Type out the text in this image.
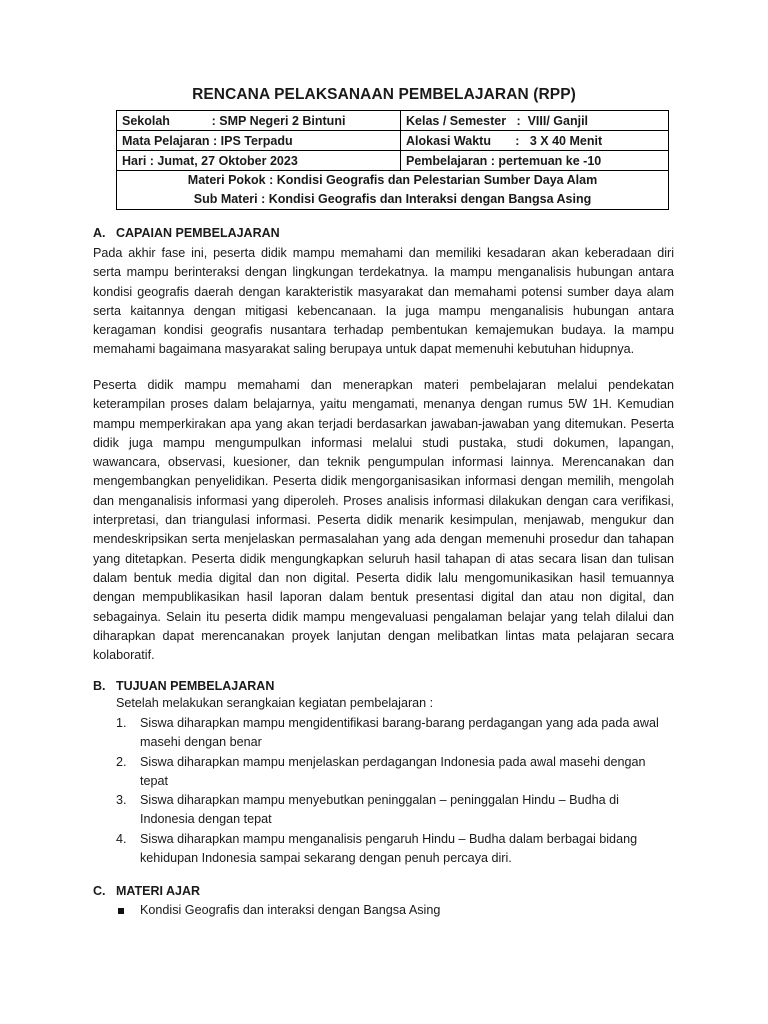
RENCANA PELAKSANAAN PEMBELAJARAN (RPP)
Sekolah            : SMP Negeri 2 Bintuni	Kelas / Semester   :  VIII/ Ganjil
Mata Pelajaran : IPS Terpadu	Alokasi Waktu       :   3 X 40 Menit
Hari : Jumat, 27 Oktober 2023	Pembelajaran : pertemuan ke -10

Materi Pokok : Kondisi Geografis dan Pelestarian Sumber Daya Alam
Sub Materi : Kondisi Geografis dan Interaksi dengan Bangsa Asing	
A. CAPAIAN PEMBELAJARAN
Pada akhir fase ini, peserta didik mampu memahami dan memiliki kesadaran akan keberadaan diri serta mampu berinteraksi dengan lingkungan terdekatnya. Ia mampu menganalisis hubungan antara kondisi geografis daerah dengan karakteristik masyarakat dan memahami potensi sumber daya alam serta kaitannya dengan mitigasi kebencanaan. Ia juga mampu menganalisis hubungan antara keragaman kondisi geografis nusantara terhadap pembentukan kemajemukan budaya. Ia mampu memahami bagaimana masyarakat saling berupaya untuk dapat memenuhi kebutuhan hidupnya.
Peserta didik mampu memahami dan menerapkan materi pembelajaran melalui pendekatan keterampilan proses dalam belajarnya, yaitu mengamati, menanya dengan rumus 5W 1H. Kemudian mampu memperkirakan apa yang akan terjadi berdasarkan jawaban-jawaban yang ditemukan. Peserta didik juga mampu mengumpulkan informasi melalui studi pustaka, studi dokumen, lapangan, wawancara, observasi, kuesioner, dan teknik pengumpulan informasi lainnya. Merencanakan dan mengembangkan penyelidikan. Peserta didik mengorganisasikan informasi dengan memilih, mengolah dan menganalisis informasi yang diperoleh. Proses analisis informasi dilakukan dengan cara verifikasi, interpretasi, dan triangulasi informasi. Peserta didik menarik kesimpulan, menjawab, mengukur dan mendeskripsikan serta menjelaskan permasalahan yang ada dengan memenuhi prosedur dan tahapan yang ditetapkan. Peserta didik mengungkapkan seluruh hasil tahapan di atas secara lisan dan tulisan dalam bentuk media digital dan non digital. Peserta didik lalu mengomunikasikan hasil temuannya dengan mempublikasikan hasil laporan dalam bentuk presentasi digital dan atau non digital, dan sebagainya. Selain itu peserta didik mampu mengevaluasi pengalaman belajar yang telah dilalui dan diharapkan dapat merencanakan proyek lanjutan dengan melibatkan lintas mata pelajaran secara kolaboratif.
B. TUJUAN PEMBELAJARAN
Setelah melakukan serangkaian kegiatan pembelajaran :
1. Siswa diharapkan mampu mengidentifikasi barang-barang perdagangan yang ada pada awal masehi dengan benar
2. Siswa diharapkan mampu menjelaskan perdagangan Indonesia pada awal masehi dengan tepat
3. Siswa diharapkan mampu menyebutkan peninggalan – peninggalan Hindu – Budha di Indonesia dengan tepat
4. Siswa diharapkan mampu menganalisis pengaruh Hindu – Budha dalam berbagai bidang kehidupan Indonesia sampai sekarang dengan penuh percaya diri.
C. MATERI AJAR
Kondisi Geografis dan interaksi dengan Bangsa Asing
